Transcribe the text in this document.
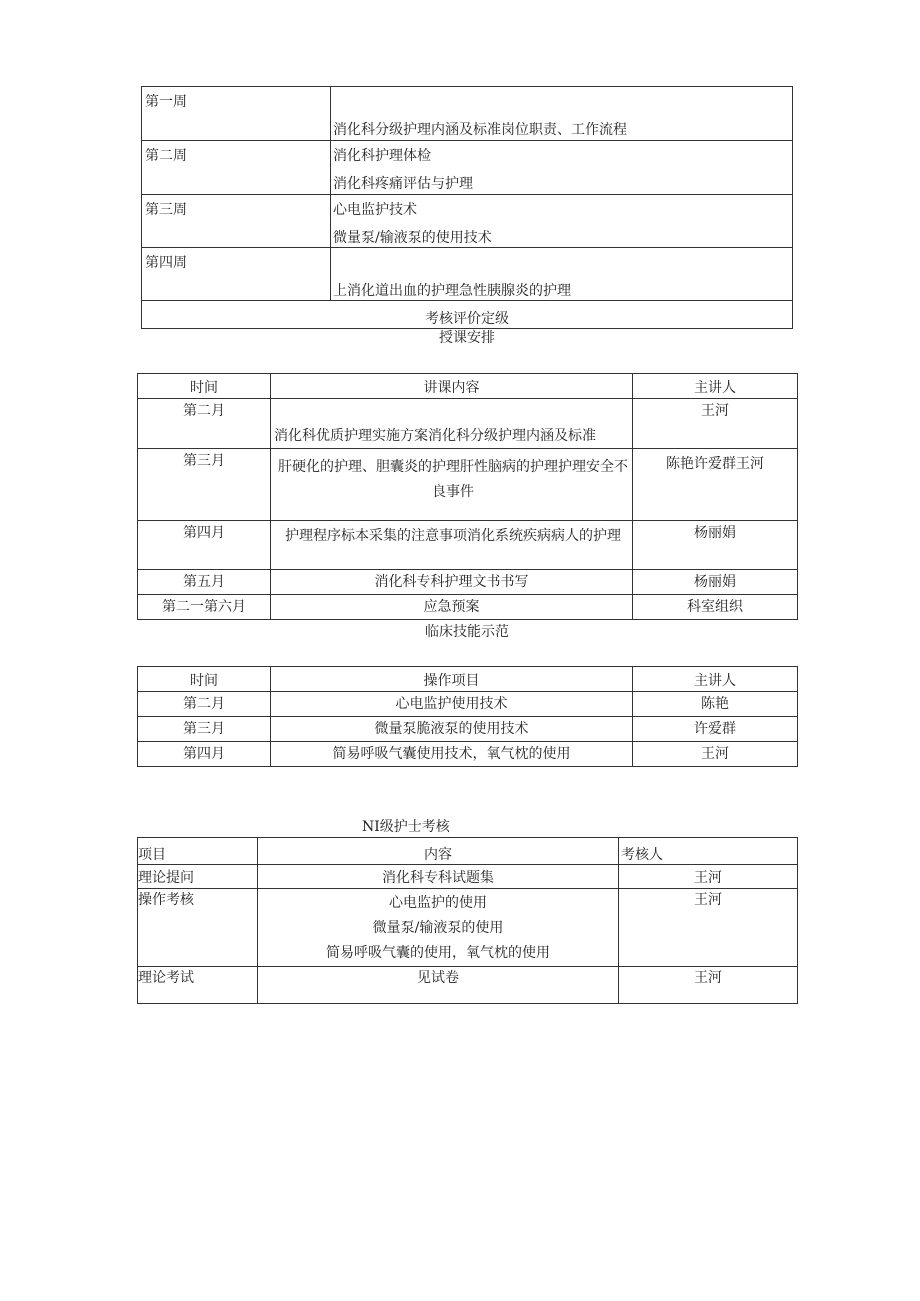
第一周	消化科分级护理内涵及标准岗位职责、工作流程

第二周	消化科护理体检
消化科疼痛评估与护理

第三周	心电监护技术
微量泵/输液泵的使用技术

第四周	上消化道出血的护理急性胰腺炎的护理

考核评价定级	
授课安排
时间	讲课内容	主讲人
第二月	消化科优质护理实施方案消化科分级护理内涵及标准	王河
第三月	肝硬化的护理、胆囊炎的护理肝性脑病的护理护理安全不良事件	陈艳许爱群王河
第四月	护理程序标本采集的注意事项消化系统疾病病人的护理	杨丽娟
第五月	消化科专科护理文书书写	杨丽娟
第二一第六月	应急预案	科室组织
临床技能示范
时间	操作项目	主讲人
第二月	心电监护使用技术	陈艳
第三月	微量泵脆液泵的使用技术	许爱群
第四月	简易呼吸气囊使用技术，氧气枕的使用	王河
NI级护士考核
项目	内容	考核人
理论提问	消化科专科试题集	王河
操作考核	心电监护的使用
微量泵/输液泵的使用
简易呼吸气囊的使用，氧气枕的使用	王河
理论考试	见试卷	王河
